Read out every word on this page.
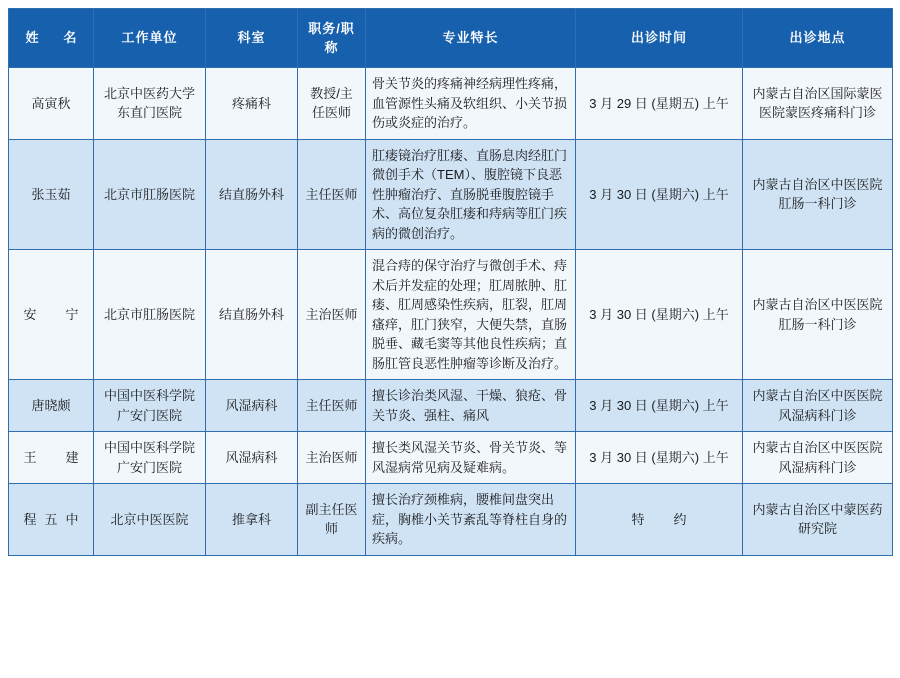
姓　名	工作单位	科室	职务/职称	专业特长	出诊时间	出诊地点
高寅秋	北京中医药大学东直门医院	疼痛科	教授/主任医师	骨关节炎的疼痛神经病理性疼痛，血管源性头痛及软组织、小关节损伤或炎症的治疗。	3 月 29 日 (星期五) 上午	内蒙古自治区国际蒙医医院蒙医疼痛科门诊
张玉茹	北京市肛肠医院	结直肠外科	主任医师	肛瘘镜治疗肛瘘、直肠息肉经肛门微创手术（TEM）、腹腔镜下良恶性肿瘤治疗、直肠脱垂腹腔镜手术、高位复杂肛瘘和痔病等肛门疾病的微创治疗。	3 月 30 日 (星期六) 上午	内蒙古自治区中医医院肛肠一科门诊
安　宁	北京市肛肠医院	结直肠外科	主治医师	混合痔的保守治疗与微创手术、痔术后并发症的处理；肛周脓肿、肛瘘、肛周感染性疾病，肛裂，肛周瘙痒，肛门狭窄，大便失禁，直肠脱垂、藏毛窦等其他良性疾病；直肠肛管良恶性肿瘤等诊断及治疗。	3 月 30 日 (星期六) 上午	内蒙古自治区中医医院肛肠一科门诊
唐晓颇	中国中医科学院广安门医院	风湿病科	主任医师	擅长诊治类风湿、干燥、狼疮、骨关节炎、强柱、痛风	3 月 30 日 (星期六) 上午	内蒙古自治区中医医院风湿病科门诊
王　建	中国中医科学院广安门医院	风湿病科	主治医师	擅长类风湿关节炎、骨关节炎、等风湿病常见病及疑难病。	3 月 30 日 (星期六) 上午	内蒙古自治区中医医院风湿病科门诊
程五中	北京中医医院	推拿科	副主任医师	擅长治疗颈椎病，腰椎间盘突出症，胸椎小关节紊乱等脊柱自身的疾病。	特　约	内蒙古自治区中蒙医药研究院
